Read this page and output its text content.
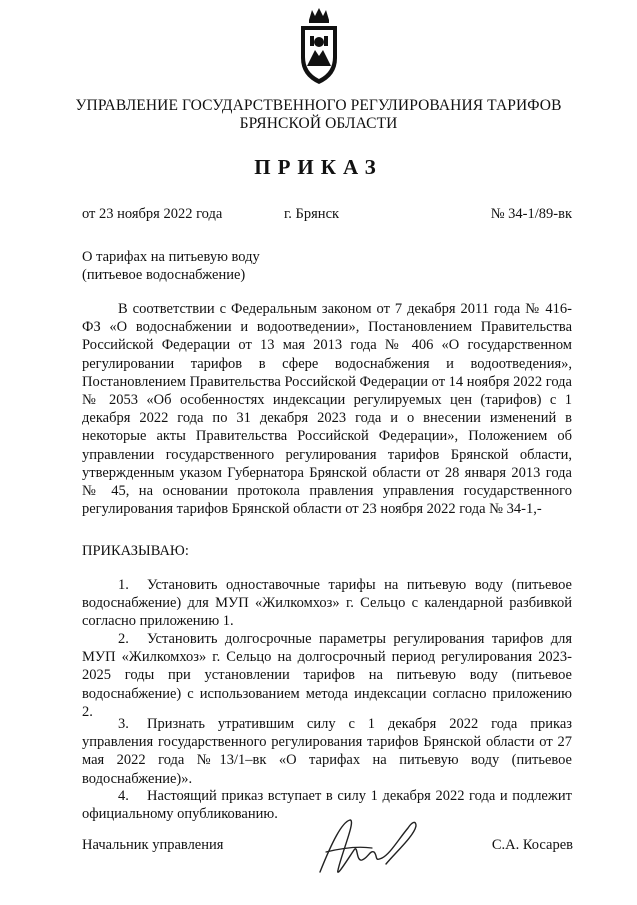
УПРАВЛЕНИЕ ГОСУДАРСТВЕННОГО РЕГУЛИРОВАНИЯ ТАРИФОВ
БРЯНСКОЙ ОБЛАСТИ
ПРИКАЗ
от 23 ноября 2022 года	г. Брянск	№ 34-1/89-вк
О тарифах на питьевую воду
(питьевое водоснабжение)

В соответствии с Федеральным законом от 7 декабря 2011 года № 416-ФЗ «О водоснабжении и водоотведении», Постановлением Правительства Российской Федерации от 13 мая 2013 года № 406 «О государственном регулировании тарифов в сфере водоснабжения и водоотведения», Постановлением Правительства Российской Федерации от 14 ноября 2022 года № 2053 «Об особенностях индексации регулируемых цен (тарифов) с 1 декабря 2022 года по 31 декабря 2023 года и о внесении изменений в некоторые акты Правительства Российской Федерации», Положением об управлении государственного регулирования тарифов Брянской области, утвержденным указом Губернатора Брянской области от 28 января 2013 года № 45, на основании протокола правления управления государственного регулирования тарифов Брянской области от 23 ноября 2022 года № 34-1,-

ПРИКАЗЫВАЮ:

1. Установить одноставочные тарифы на питьевую воду (питьевое водоснабжение) для МУП «Жилкомхоз» г. Сельцо с календарной разбивкой согласно приложению 1.

2. Установить долгосрочные параметры регулирования тарифов для МУП «Жилкомхоз» г. Сельцо на долгосрочный период регулирования 2023-2025 годы при установлении тарифов на питьевую воду (питьевое водоснабжение) с использованием метода индексации согласно приложению 2.

3. Признать утратившим силу с 1 декабря 2022 года приказ управления государственного регулирования тарифов Брянской области от 27 мая 2022 года №13/1–вк «О тарифах на питьевую воду (питьевое водоснабжение)».

4. Настоящий приказ вступает в силу 1 декабря 2022 года и подлежит официальному опубликованию.

Начальник управления	С.А. Косарев
